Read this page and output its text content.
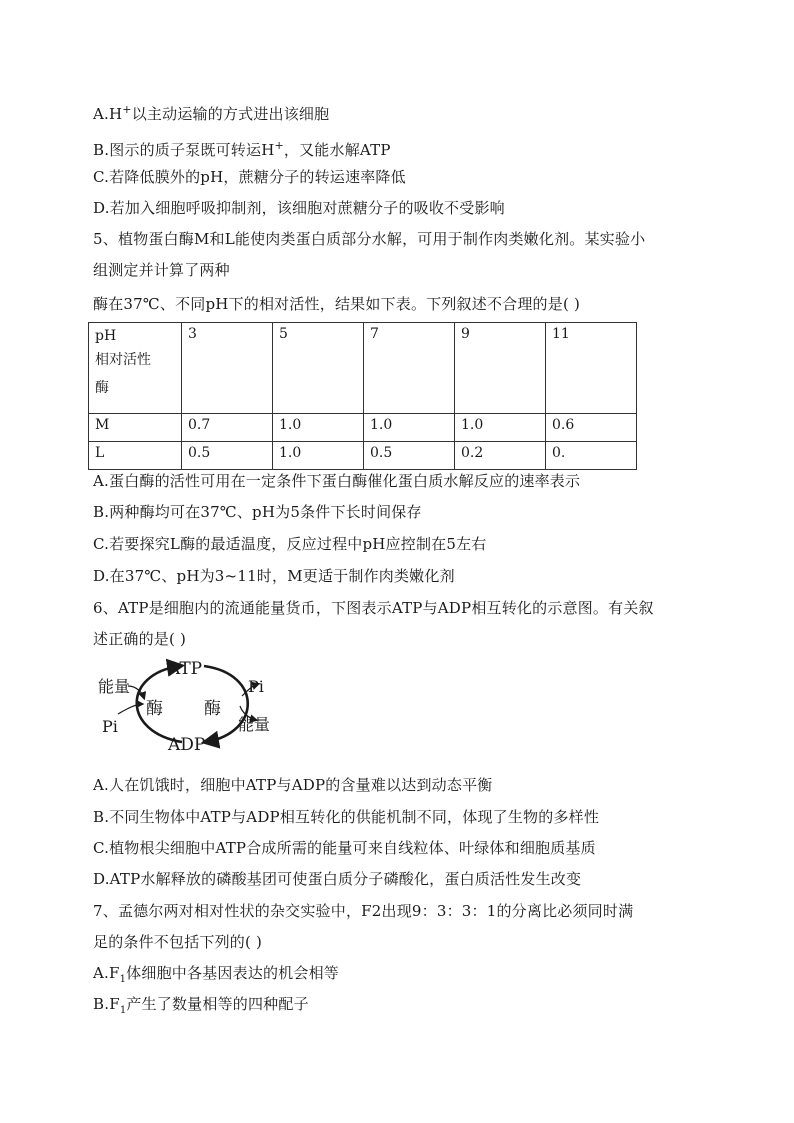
A.H+以主动运输的方式进出该细胞
B.图示的质子泵既可转运H+，又能水解ATP
C.若降低膜外的pH，蔗糖分子的转运速率降低
D.若加入细胞呼吸抑制剂，该细胞对蔗糖分子的吸收不受影响
5、植物蛋白酶M和L能使肉类蛋白质部分水解，可用于制作肉类嫩化剂。某实验小
组测定并计算了两种
酶在37℃、不同pH下的相对活性，结果如下表。下列叙述不合理的是( )
pH
相对活性
酶	3	5	7	9	11
M	0.7	1.0	1.0	1.0	0.6
L	0.5	1.0	0.5	0.2	0.
A.蛋白酶的活性可用在一定条件下蛋白酶催化蛋白质水解反应的速率表示
B.两种酶均可在37℃、pH为5条件下长时间保存
C.若要探究L酶的最适温度，反应过程中pH应控制在5左右
D.在37℃、pH为3~11时，M更适于制作肉类嫩化剂
6、ATP是细胞内的流通能量货币，下图表示ATP与ADP相互转化的示意图。有关叙
述正确的是( )
ATP
ADP
酶 酶
能量
Pi
Pi
能量
A.人在饥饿时，细胞中ATP与ADP的含量难以达到动态平衡
B.不同生物体中ATP与ADP相互转化的供能机制不同，体现了生物的多样性
C.植物根尖细胞中ATP合成所需的能量可来自线粒体、叶绿体和细胞质基质
D.ATP水解释放的磷酸基团可使蛋白质分子磷酸化，蛋白质活性发生改变
7、孟德尔两对相对性状的杂交实验中，F2出现9：3：3：1的分离比必须同时满
足的条件不包括下列的( )
$A.F_1$体细胞中各基因表达的机会相等
$B.F_1$产生了数量相等的四种配子
